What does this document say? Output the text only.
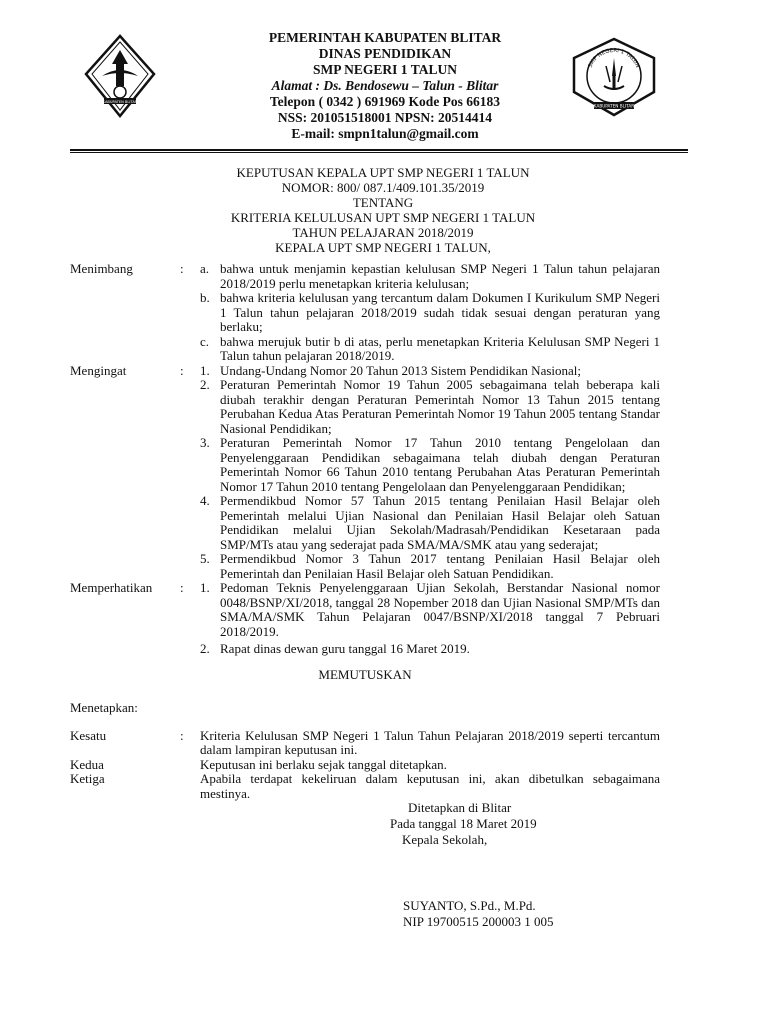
KABUPATEN BLITAR
PEMERINTAH KABUPATEN BLITAR
DINAS PENDIDIKAN
SMP NEGERI 1 TALUN
Alamat : Ds. Bendosewu – Talun - Blitar
Telepon ( 0342 ) 691969 Kode Pos 66183
NSS: 201051518001 NPSN: 20514414
E-mail: smpn1talun@gmail.com
SMP NEGERI 1 TALUN
KABUPATEN BLITAR
KEPUTUSAN KEPALA UPT SMP NEGERI 1 TALUN
NOMOR: 800/ 087.1/409.101.35/2019
TENTANG
KRITERIA KELULUSAN UPT SMP NEGERI 1 TALUN
TAHUN PELAJARAN 2018/2019
KEPALA UPT SMP NEGERI 1 TALUN,
Menimbang	:	a. bahwa untuk menjamin kepastian kelulusan SMP Negeri 1 Talun tahun pelajaran 2018/2019 perlu menetapkan kriteria kelulusan;
b. bahwa kriteria kelulusan yang tercantum dalam Dokumen I Kurikulum SMP Negeri 1 Talun tahun pelajaran 2018/2019 sudah tidak sesuai dengan peraturan yang berlaku;
c. bahwa merujuk butir b di atas, perlu menetapkan Kriteria Kelulusan SMP Negeri 1 Talun tahun pelajaran 2018/2019.
Mengingat	:	1. Undang-Undang Nomor 20 Tahun 2013 Sistem Pendidikan Nasional;
2. Peraturan Pemerintah Nomor 19 Tahun 2005 sebagaimana telah beberapa kali diubah terakhir dengan Peraturan Pemerintah Nomor 13 Tahun 2015 tentang Perubahan Kedua Atas Peraturan Pemerintah Nomor 19 Tahun 2005 tentang Standar Nasional Pendidikan;
3. Peraturan Pemerintah Nomor 17 Tahun 2010 tentang Pengelolaan dan Penyelenggaraan Pendidikan sebagaimana telah diubah dengan Peraturan Pemerintah Nomor 66 Tahun 2010 tentang Perubahan Atas Peraturan Pemerintah Nomor 17 Tahun 2010 tentang Pengelolaan dan Penyelenggaraan Pendidikan;
4. Permendikbud Nomor 57 Tahun 2015 tentang Penilaian Hasil Belajar oleh Pemerintah melalui Ujian Nasional dan Penilaian Hasil Belajar oleh Satuan Pendidikan melalui Ujian Sekolah/Madrasah/Pendidikan Kesetaraan pada SMP/MTs atau yang sederajat pada SMA/MA/SMK atau yang sederajat;
5. Permendikbud Nomor 3 Tahun 2017 tentang Penilaian Hasil Belajar oleh Pemerintah dan Penilaian Hasil Belajar oleh Satuan Pendidikan.
Memperhatikan	:	1. Pedoman Teknis Penyelenggaraan Ujian Sekolah, Berstandar Nasional nomor 0048/BSNP/XI/2018, tanggal 28 Nopember 2018 dan Ujian Nasional SMP/MTs dan SMA/MA/SMK Tahun Pelajaran 0047/BSNP/XI/2018 tanggal 7 Pebruari 2018/2019.
2. Rapat dinas dewan guru tanggal 16 Maret 2019.
MEMUTUSKAN
Menetapkan:
Kesatu	:	Kriteria Kelulusan SMP Negeri 1 Talun Tahun Pelajaran 2018/2019 seperti tercantum dalam lampiran keputusan ini.
Kedua	Keputusan ini berlaku sejak tanggal ditetapkan.
Ketiga	Apabila terdapat kekeliruan dalam keputusan ini, akan dibetulkan sebagaimana mestinya.
Ditetapkan di Blitar
Pada tanggal 18 Maret 2019
Kepala Sekolah,
SUYANTO, S.Pd., M.Pd.
NIP 19700515 200003 1 005
